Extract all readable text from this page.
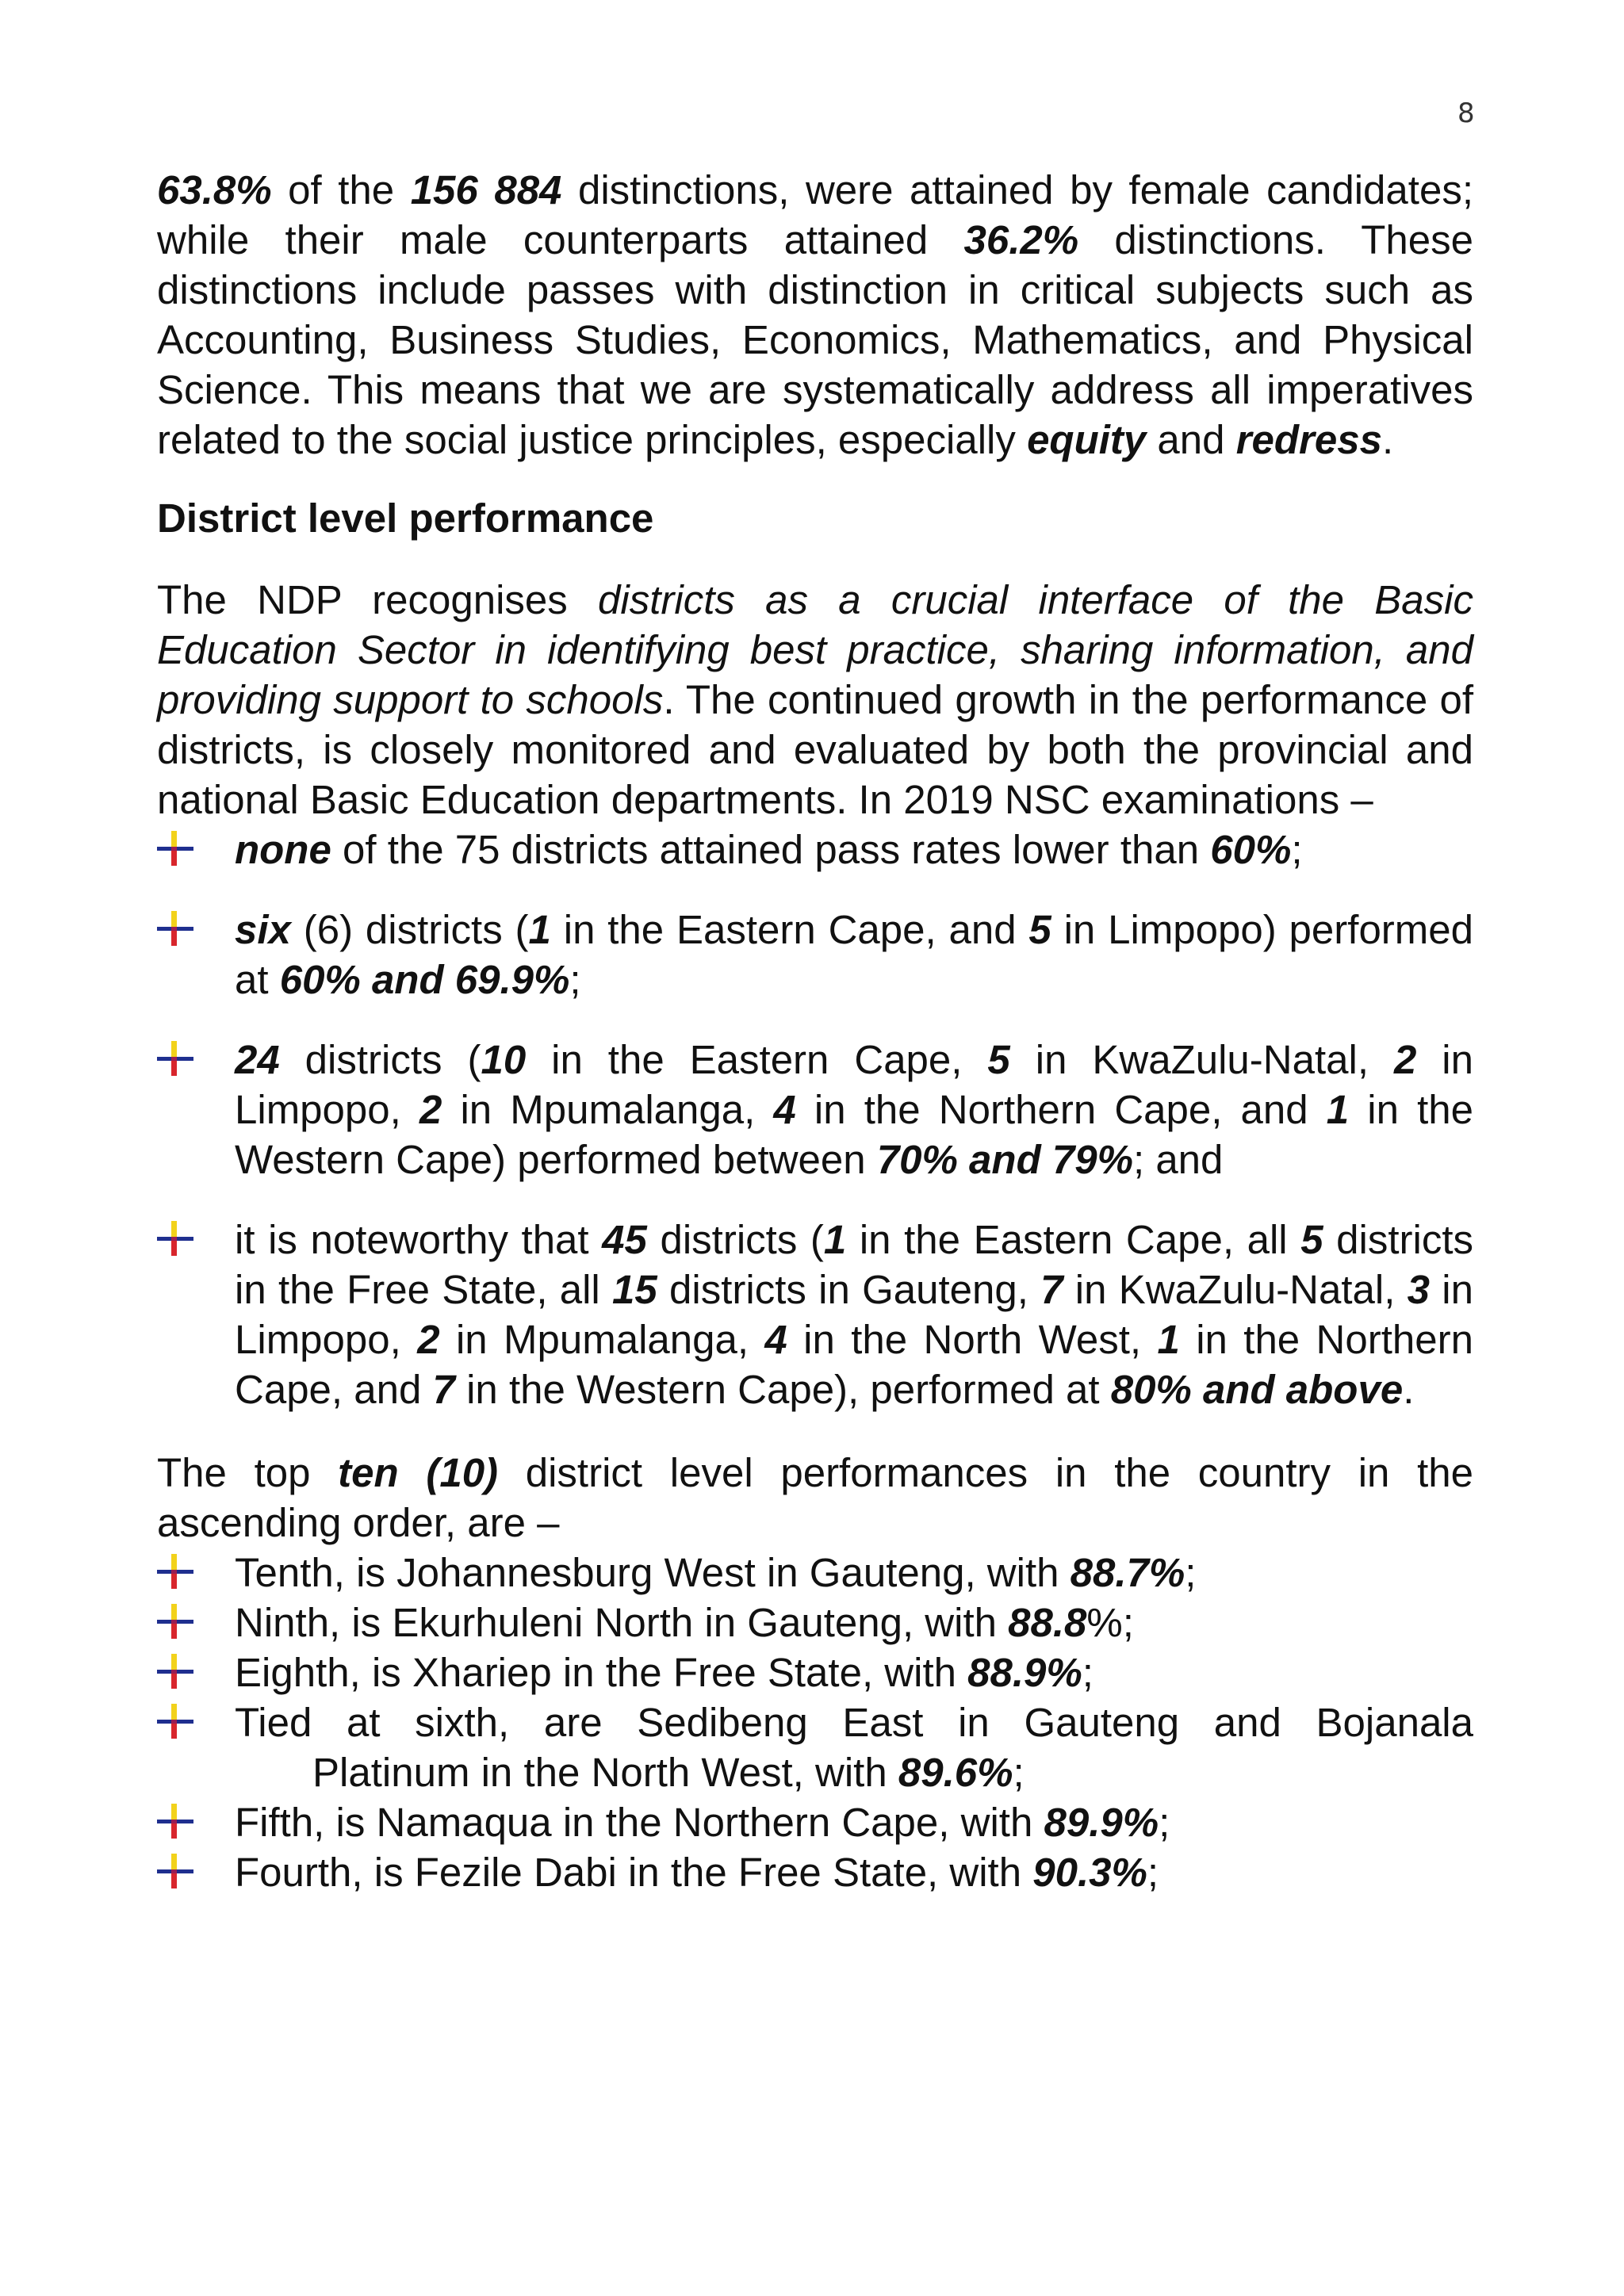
8

63.8% of the 156 884 distinctions, were attained by female candidates; while their male counterparts attained 36.2% distinctions. These distinctions include passes with distinction in critical subjects such as Accounting, Business Studies, Economics, Mathematics, and Physical Science. This means that we are systematically address all imperatives related to the social justice principles, especially equity and redress.

District level performance

The NDP recognises districts as a crucial interface of the Basic Education Sector in identifying best practice, sharing information, and providing support to schools. The continued growth in the performance of districts, is closely monitored and evaluated by both the provincial and national Basic Education departments. In 2019 NSC examinations –

none of the 75 districts attained pass rates lower than 60%;
six (6) districts (1 in the Eastern Cape, and 5 in Limpopo) performed at 60% and 69.9%;
24 districts (10 in the Eastern Cape, 5 in KwaZulu-Natal, 2 in Limpopo, 2 in Mpumalanga, 4 in the Northern Cape, and 1 in the Western Cape) performed between 70% and 79%; and
it is noteworthy that 45 districts (1 in the Eastern Cape, all 5 districts in the Free State, all 15 districts in Gauteng, 7 in KwaZulu-Natal, 3 in Limpopo, 2 in Mpumalanga, 4 in the North West, 1 in the Northern Cape, and 7 in the Western Cape), performed at 80% and above.

The top ten (10) district level performances in the country in the ascending order, are –

Tenth, is Johannesburg West in Gauteng, with 88.7%;
Ninth, is Ekurhuleni North in Gauteng, with 88.8%;
Eighth, is Xhariep in the Free State, with 88.9%;
Tied at sixth, are Sedibeng East in Gauteng and Bojanala
Platinum in the North West, with 89.6%;
Fifth, is Namaqua in the Northern Cape, with 89.9%;
Fourth, is Fezile Dabi in the Free State, with 90.3%;
